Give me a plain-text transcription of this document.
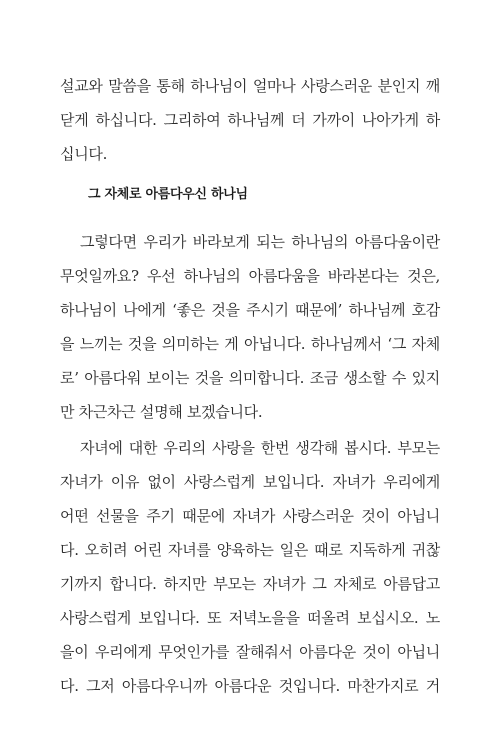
설교와 말씀을 통해 하나님이 얼마나 사랑스러운 분인지 깨

닫게 하십니다. 그리하여 하나님께 더 가까이 나아가게 하

십니다.

그 자체로 아름다우신 하나님

그렇다면 우리가 바라보게 되는 하나님의 아름다움이란

무엇일까요? 우선 하나님의 아름다움을 바라본다는 것은,

하나님이 나에게 ‘좋은 것을 주시기 때문에’ 하나님께 호감

을 느끼는 것을 의미하는 게 아닙니다. 하나님께서 ‘그 자체

로’ 아름다워 보이는 것을 의미합니다. 조금 생소할 수 있지

만 차근차근 설명해 보겠습니다.

자녀에 대한 우리의 사랑을 한번 생각해 봅시다. 부모는

자녀가 이유 없이 사랑스럽게 보입니다. 자녀가 우리에게

어떤 선물을 주기 때문에 자녀가 사랑스러운 것이 아닙니

다. 오히려 어린 자녀를 양육하는 일은 때로 지독하게 귀찮

기까지 합니다. 하지만 부모는 자녀가 그 자체로 아름답고

사랑스럽게 보입니다. 또 저녁노을을 떠올려 보십시오. 노

을이 우리에게 무엇인가를 잘해줘서 아름다운 것이 아닙니

다. 그저 아름다우니까 아름다운 것입니다. 마찬가지로 거
